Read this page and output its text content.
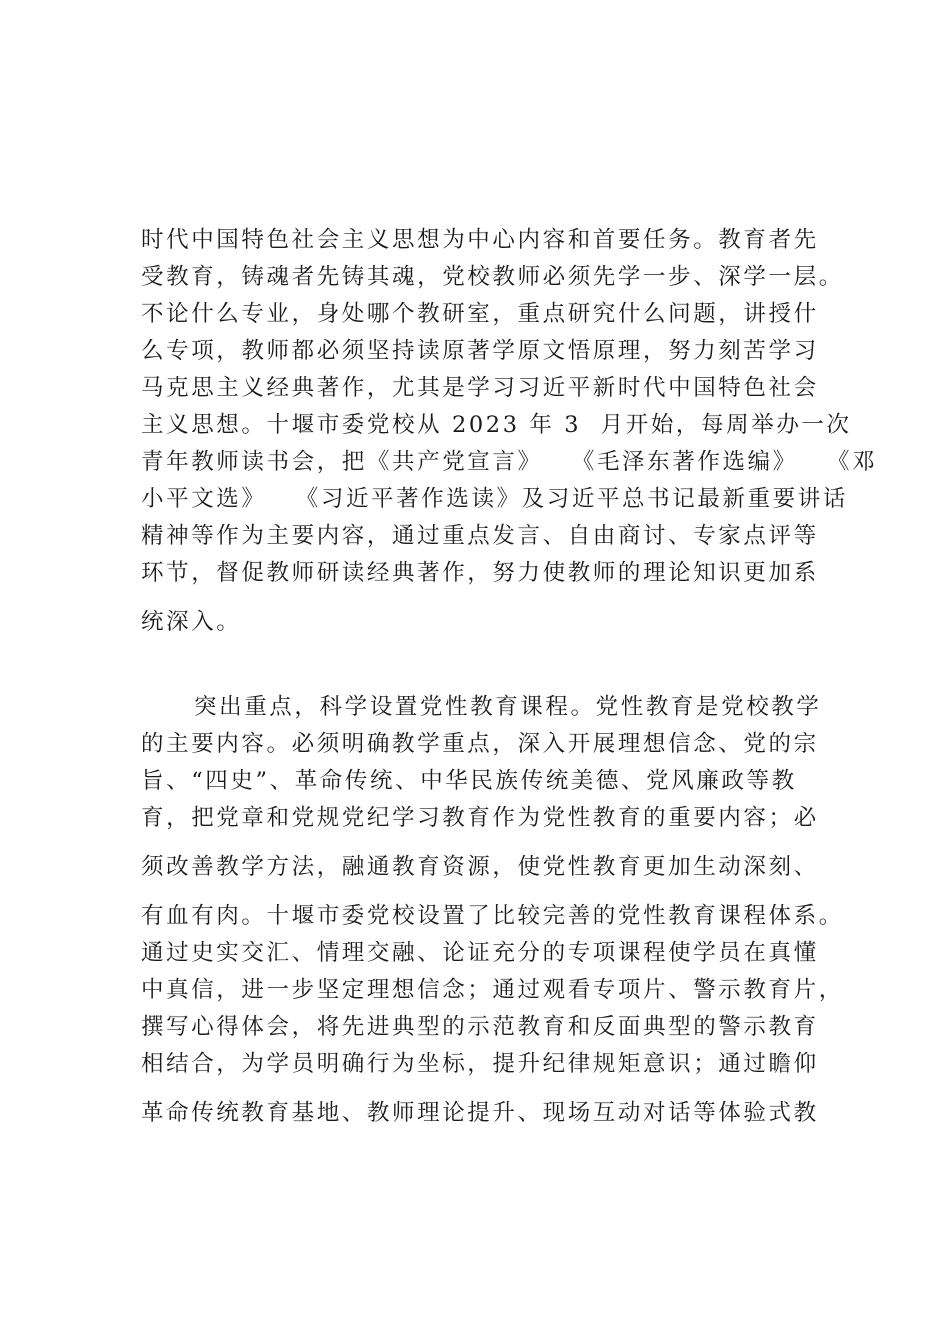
时代中国特色社会主义思想为中心内容和首要任务。教育者先
受教育，铸魂者先铸其魂，党校教师必须先学一步、深学一层。
不论什么专业，身处哪个教研室，重点研究什么问题，讲授什
么专项，教师都必须坚持读原著学原文悟原理，努力刻苦学习
马克思主义经典著作，尤其是学习习近平新时代中国特色社会
主义思想。十堰市委党校从 2023 年 3  月开始，每周举办一次
青年教师读书会，把《共产党宣言》   《毛泽东著作选编》   《邓
小平文选》   《习近平著作选读》及习近平总书记最新重要讲话
精神等作为主要内容，通过重点发言、自由商讨、专家点评等
环节，督促教师研读经典著作，努力使教师的理论知识更加系
统深入。
突出重点，科学设置党性教育课程。党性教育是党校教学
的主要内容。必须明确教学重点，深入开展理想信念、党的宗
旨、“四史”、革命传统、中华民族传统美德、党风廉政等教
育，把党章和党规党纪学习教育作为党性教育的重要内容；必
须改善教学方法，融通教育资源，使党性教育更加生动深刻、
有血有肉。十堰市委党校设置了比较完善的党性教育课程体系。
通过史实交汇、情理交融、论证充分的专项课程使学员在真懂
中真信，进一步坚定理想信念；通过观看专项片、警示教育片，
撰写心得体会，将先进典型的示范教育和反面典型的警示教育
相结合，为学员明确行为坐标，提升纪律规矩意识；通过瞻仰
革命传统教育基地、教师理论提升、现场互动对话等体验式教
